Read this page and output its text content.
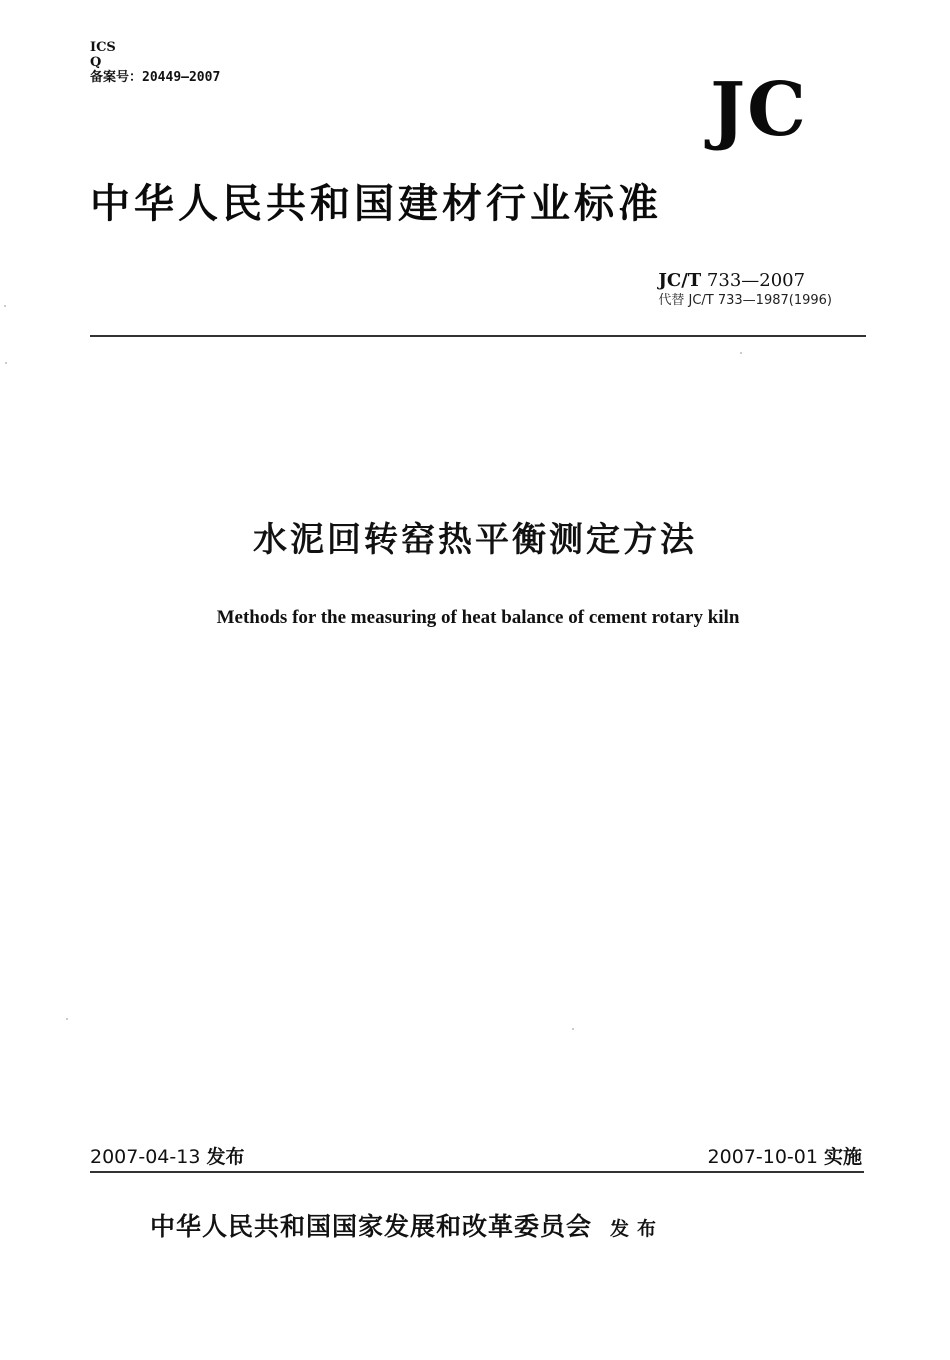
ICS
Q
备案号：20449—2007	JC
中华人民共和国建材行业标准
JC/T 733—2007
代替 JC/T 733—1987(1996)
水泥回转窑热平衡测定方法
Methods for the measuring of heat balance of cement rotary kiln
2007-04-13 发布	2007-10-01 实施
中华人民共和国国家发展和改革委员会 发布
